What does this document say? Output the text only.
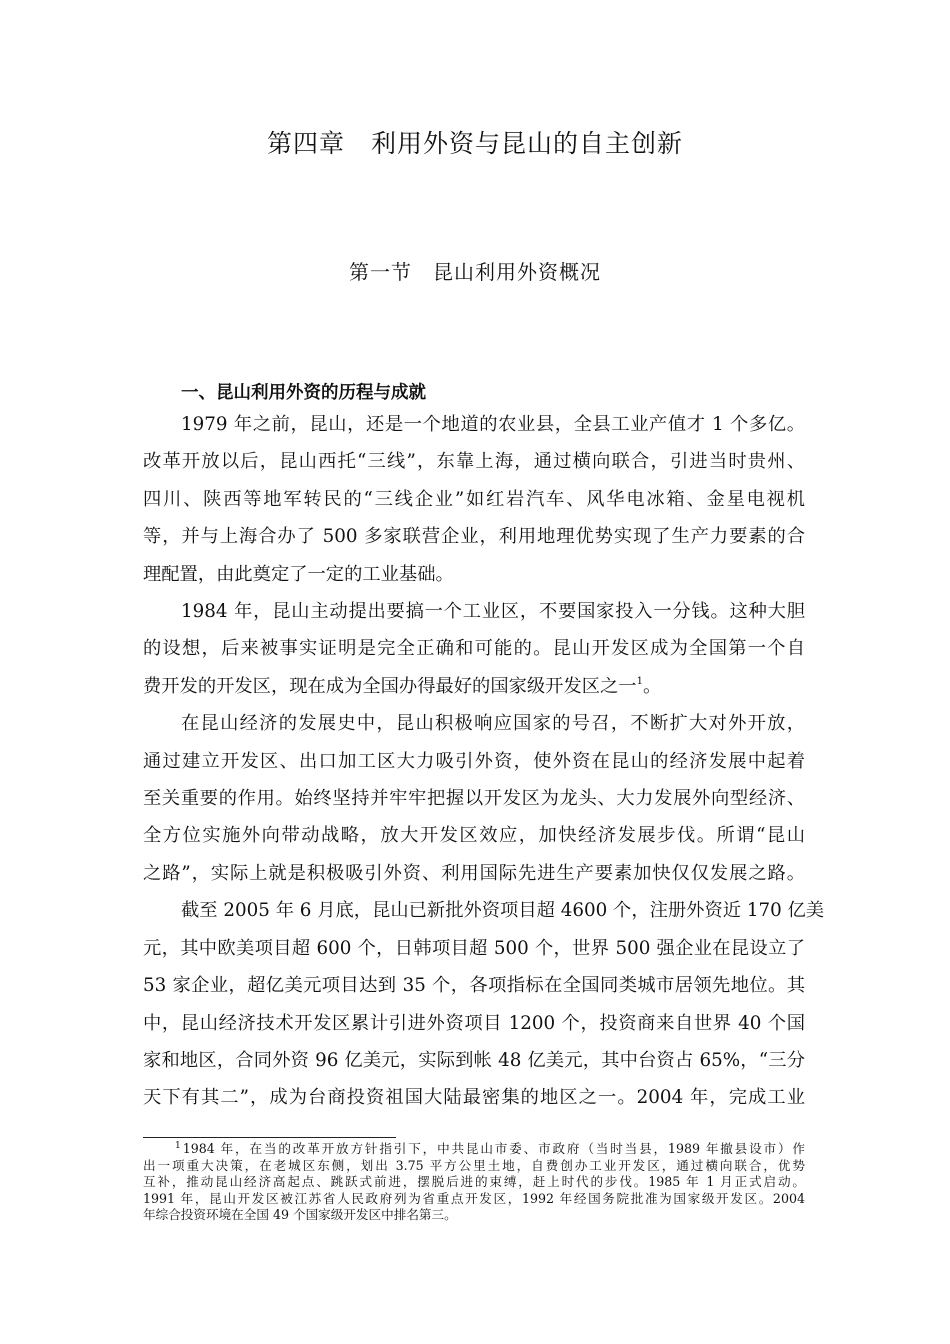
第四章　利用外资与昆山的自主创新
第一节　昆山利用外资概况
一、昆山利用外资的历程与成就

1979 年之前，昆山，还是一个地道的农业县，全县工业产值才 1 个多亿。
改革开放以后，昆山西托“三线”，东靠上海，通过横向联合，引进当时贵州、
四川、陕西等地军转民的“三线企业”如红岩汽车、风华电冰箱、金星电视机
等，并与上海合办了 500 多家联营企业，利用地理优势实现了生产力要素的合
理配置，由此奠定了一定的工业基础。

1984 年，昆山主动提出要搞一个工业区，不要国家投入一分钱。这种大胆
的设想，后来被事实证明是完全正确和可能的。昆山开发区成为全国第一个自
费开发的开发区，现在成为全国办得最好的国家级开发区之一$^1$。

在昆山经济的发展史中，昆山积极响应国家的号召，不断扩大对外开放，
通过建立开发区、出口加工区大力吸引外资，使外资在昆山的经济发展中起着
至关重要的作用。始终坚持并牢牢把握以开发区为龙头、大力发展外向型经济、
全方位实施外向带动战略，放大开发区效应，加快经济发展步伐。所谓“昆山
之路”，实际上就是积极吸引外资、利用国际先进生产要素加快仅仅发展之路。

截至 2005 年 6 月底，昆山已新批外资项目超 4600 个，注册外资近 170 亿美
元，其中欧美项目超 600 个，日韩项目超 500 个，世界 500 强企业在昆设立了
53 家企业，超亿美元项目达到 35 个，各项指标在全国同类城市居领先地位。其
中，昆山经济技术开发区累计引进外资项目 1200 个，投资商来自世界 40 个国
家和地区，合同外资 96 亿美元，实际到帐 48 亿美元，其中台资占 65%，“三分
天下有其二”，成为台商投资祖国大陆最密集的地区之一。2004 年，完成工业

$^1$ 1984 年，在当的改革开放方针指引下，中共昆山市委、市政府（当时当县，1989 年撤县设市）作
出一项重大决策，在老城区东侧，划出 3.75 平方公里土地，自费创办工业开发区，通过横向联合，优势
互补，推动昆山经济高起点、跳跃式前进，摆脱后进的束缚，赶上时代的步伐。1985 年 1 月正式启动。
1991 年，昆山开发区被江苏省人民政府列为省重点开发区，1992 年经国务院批准为国家级开发区。2004
年综合投资环境在全国 49 个国家级开发区中排名第三。
